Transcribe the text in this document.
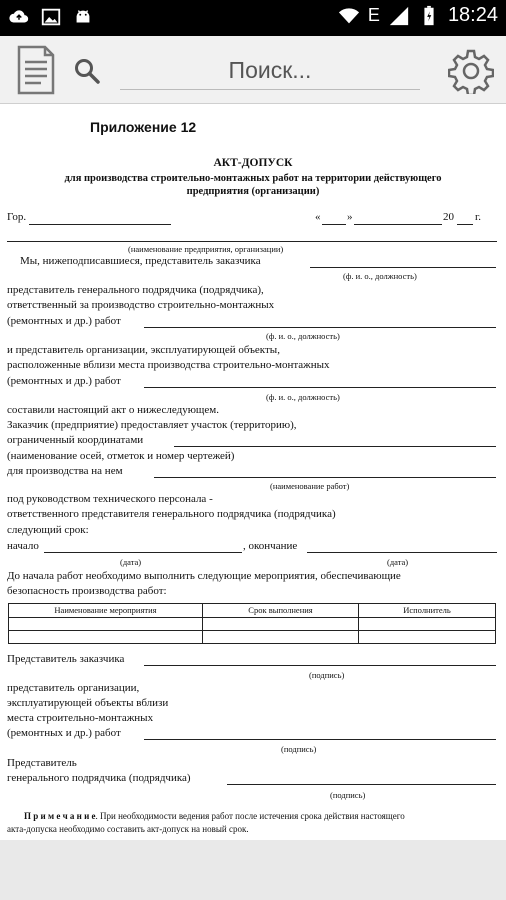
E	18:24
Поиск...
Приложение 12
АКТ-ДОПУСК
для производства строительно-монтажных работ на территории действующего
предприятия (организации)
Гор.	« »	20 г.
(наименование предприятия, организации)
Мы, нижеподписавшиеся, представитель заказчика
(ф. и. о., должность)
представитель генерального подрядчика (подрядчика),
ответственный за производство строительно-монтажных
(ремонтных и др.) работ
(ф. и. о., должность)
и представитель организации, эксплуатирующей объекты,
расположенные вблизи места производства строительно-монтажных
(ремонтных и др.) работ
(ф. и. о., должность)
составили настоящий акт о нижеследующем.
Заказчик (предприятие) предоставляет участок (территорию),
ограниченный координатами
(наименование осей, отметок и номер чертежей)
для производства на нем
(наименование работ)
под руководством технического персонала -
ответственного представителя генерального подрядчика (подрядчика)
следующий срок:
начало	, окончание
(дата)	(дата)
До начала работ необходимо выполнить следующие мероприятия, обеспечивающие
безопасность производства работ:
Наименование мероприятия	Срок выполнения	Исполнитель

Представитель заказчика
(подпись)
представитель организации,
эксплуатирующей объекты вблизи
места строительно-монтажных
(ремонтных и др.) работ
(подпись)
Представитель
генерального подрядчика (подрядчика)
(подпись)
П р и м е ч а н и е. При необходимости ведения работ после истечения срока действия настоящего
акта-допуска необходимо составить акт-допуск на новый срок.
